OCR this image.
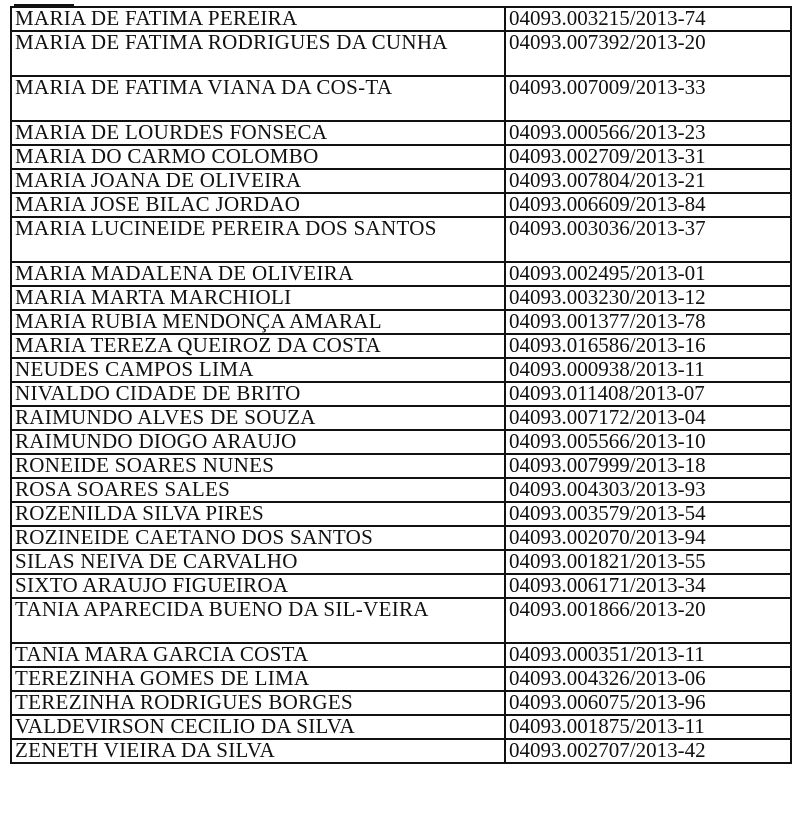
MARIA DE FATIMA PEREIRA	04093.003215/2013-74
MARIA DE FATIMA RODRIGUES DA CUNHA	04093.007392/2013-20
MARIA DE FATIMA VIANA DA COS-TA	04093.007009/2013-33
MARIA DE LOURDES FONSECA	04093.000566/2013-23
MARIA DO CARMO COLOMBO	04093.002709/2013-31
MARIA JOANA DE OLIVEIRA	04093.007804/2013-21
MARIA JOSE BILAC JORDAO	04093.006609/2013-84
MARIA LUCINEIDE PEREIRA DOS SANTOS	04093.003036/2013-37
MARIA MADALENA DE OLIVEIRA	04093.002495/2013-01
MARIA MARTA MARCHIOLI	04093.003230/2013-12
MARIA RUBIA MENDONÇA AMARAL	04093.001377/2013-78
MARIA TEREZA QUEIROZ DA COSTA	04093.016586/2013-16
NEUDES CAMPOS LIMA	04093.000938/2013-11
NIVALDO CIDADE DE BRITO	04093.011408/2013-07
RAIMUNDO ALVES DE SOUZA	04093.007172/2013-04
RAIMUNDO DIOGO ARAUJO	04093.005566/2013-10
RONEIDE SOARES NUNES	04093.007999/2013-18
ROSA SOARES SALES	04093.004303/2013-93
ROZENILDA SILVA PIRES	04093.003579/2013-54
ROZINEIDE CAETANO DOS SANTOS	04093.002070/2013-94
SILAS NEIVA DE CARVALHO	04093.001821/2013-55
SIXTO ARAUJO FIGUEIROA	04093.006171/2013-34
TANIA APARECIDA BUENO DA SIL-VEIRA	04093.001866/2013-20
TANIA MARA GARCIA COSTA	04093.000351/2013-11
TEREZINHA GOMES DE LIMA	04093.004326/2013-06
TEREZINHA RODRIGUES BORGES	04093.006075/2013-96
VALDEVIRSON CECILIO DA SILVA	04093.001875/2013-11
ZENETH VIEIRA DA SILVA	04093.002707/2013-42
